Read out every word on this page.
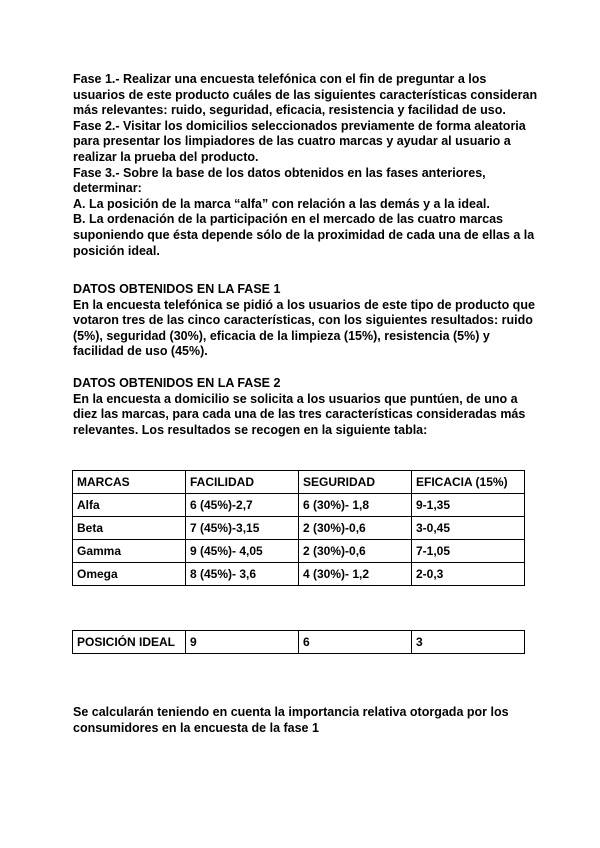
Fase 1.- Realizar una encuesta telefónica con el fin de preguntar a los
usuarios de este producto cuáles de las siguientes características consideran
más relevantes: ruido, seguridad, eficacia, resistencia y facilidad de uso.
Fase 2.- Visitar los domicilios seleccionados previamente de forma aleatoria
para presentar los limpiadores de las cuatro marcas y ayudar al usuario a
realizar la prueba del producto.
Fase 3.- Sobre la base de los datos obtenidos en las fases anteriores,
determinar:
A. La posición de la marca “alfa” con relación a las demás y a la ideal.
B. La ordenación de la participación en el mercado de las cuatro marcas
suponiendo que ésta depende sólo de la proximidad de cada una de ellas a la
posición ideal.
DATOS OBTENIDOS EN LA FASE 1
En la encuesta telefónica se pidió a los usuarios de este tipo de producto que
votaron tres de las cinco características, con los siguientes resultados: ruido
(5%), seguridad (30%), eficacia de la limpieza (15%), resistencia (5%) y
facilidad de uso (45%).
DATOS OBTENIDOS EN LA FASE 2
En la encuesta a domicilio se solicita a los usuarios que puntúen, de uno a
diez las marcas, para cada una de las tres características consideradas más
relevantes. Los resultados se recogen en la siguiente tabla:
MARCAS	FACILIDAD	SEGURIDAD	EFICACIA (15%)
Alfa	6 (45%)-2,7	6 (30%)- 1,8	9-1,35
Beta	7 (45%)-3,15	2 (30%)-0,6	3-0,45
Gamma	9 (45%)- 4,05	2 (30%)-0,6	7-1,05
Omega	8 (45%)- 3,6	4 (30%)- 1,2	2-0,3
POSICIÓN IDEAL	9	6	3
Se calcularán teniendo en cuenta la importancia relativa otorgada por los
consumidores en la encuesta de la fase 1
